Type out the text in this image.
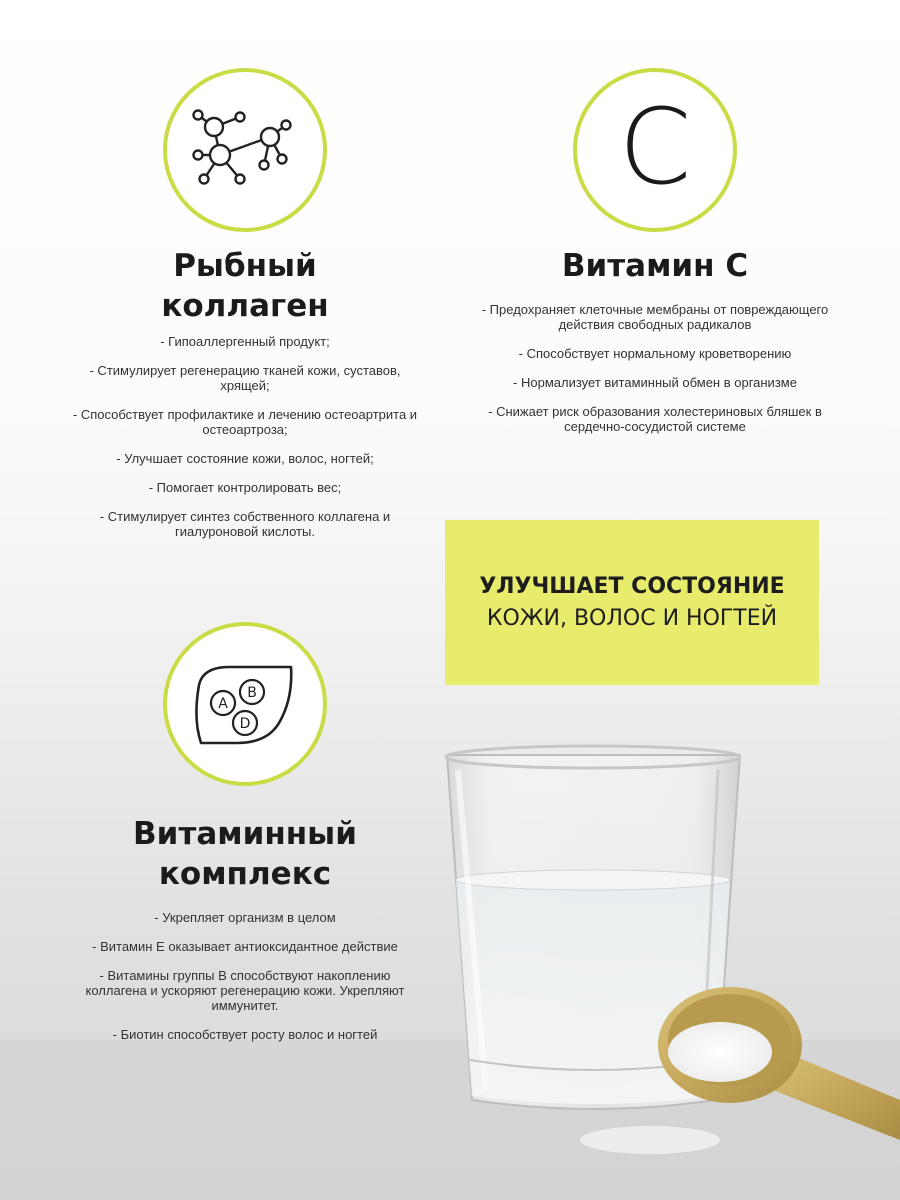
Рыбный
коллаген
- Гипоаллергенный продукт;
- Стимулирует регенерацию тканей кожи, суставов, хрящей;
- Способствует профилактике и лечению остеоартрита и остеоартроза;
- Улучшает состояние кожи, волос, ногтей;
- Помогает контролировать вес;
- Стимулирует синтез собственного коллагена и гиалуроновой кислоты.
C
Витамин С
- Предохраняет клеточные мембраны от повреждающего действия свободных радикалов
- Способствует нормальному кроветворению
- Нормализует витаминный обмен в организме
- Снижает риск образования холестериновых бляшек в сердечно-сосудистой системе
УЛУЧШАЕТ СОСТОЯНИЕ
КОЖИ, ВОЛОС И НОГТЕЙ
A
B
D
Витаминный
комплекс
- Укрепляет организм в целом
- Витамин Е оказывает антиоксидантное действие
- Витамины группы В способствуют накоплению коллагена и ускоряют регенерацию кожи. Укрепляют иммунитет.
- Биотин способствует росту волос и ногтей
